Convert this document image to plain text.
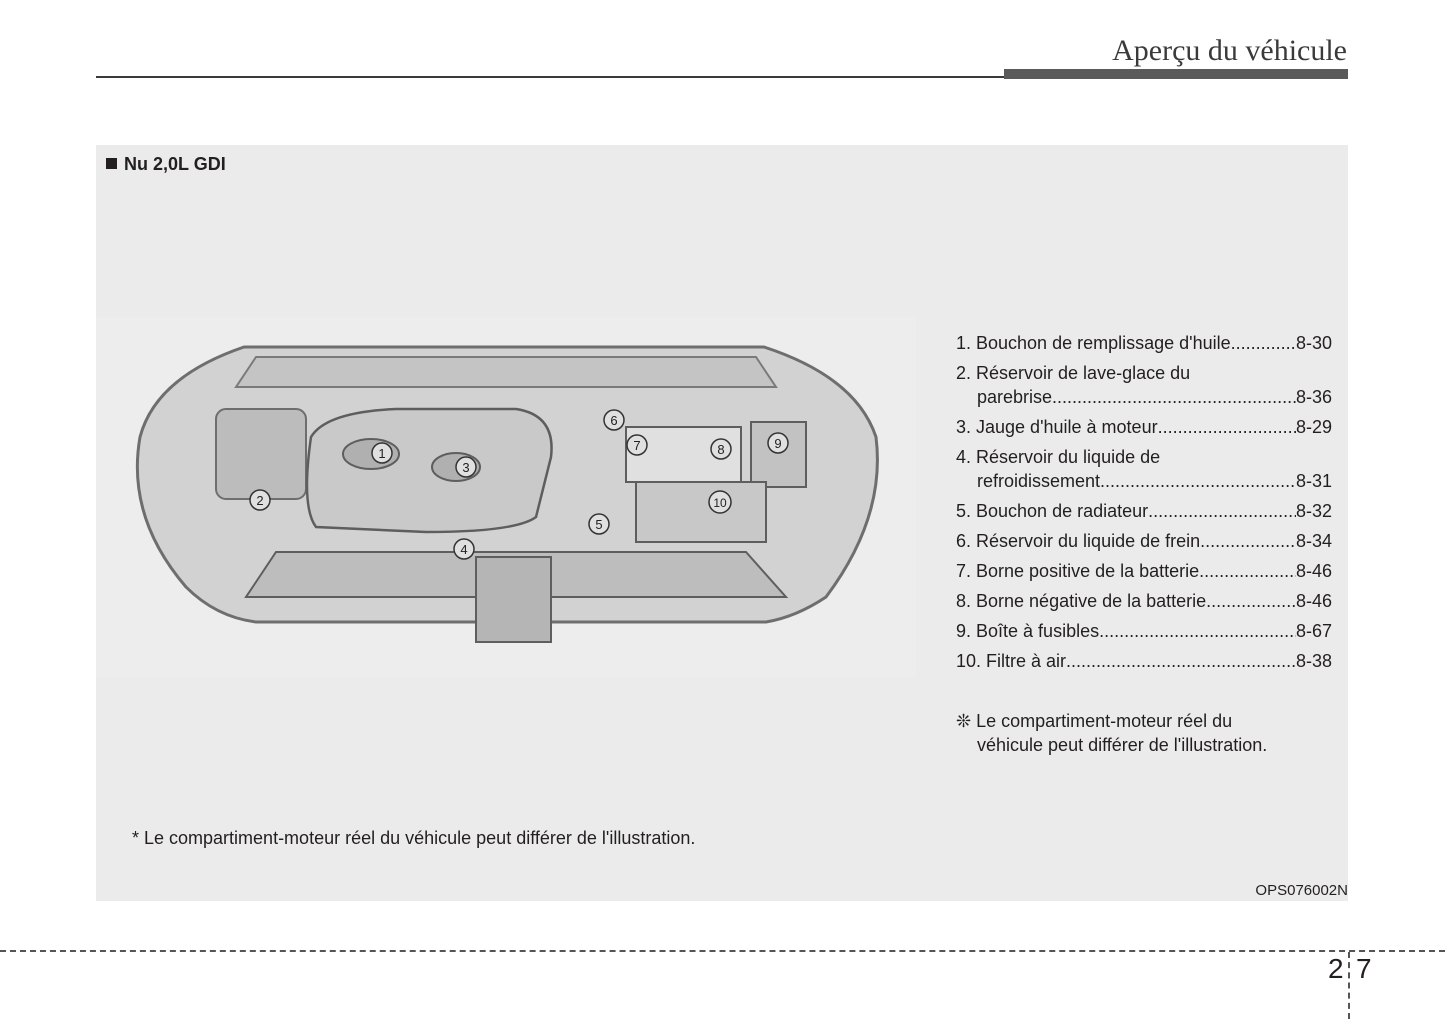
Aperçu du véhicule
Nu 2,0L GDI
1
2
3
4
5
6
7	8	9
10
1. Bouchon de remplissage d'huile .....	8-30
2. Réservoir de lave-glace du
parebrise .....	8-36
3. Jauge d'huile à moteur .....	8-29
4. Réservoir du liquide de
refroidissement .....	8-31
5. Bouchon de radiateur .....	8-32
6. Réservoir du liquide de frein .....	8-34
7. Borne positive de la batterie .....	8-46
8. Borne négative de la batterie .....	8-46
9. Boîte à fusibles .....	8-67
10. Filtre à air .....	8-38
❊ Le compartiment-moteur réel du
véhicule peut différer de l'illustration.
* Le compartiment-moteur réel du véhicule peut différer de l'illustration.
OPS076002N
2 7
